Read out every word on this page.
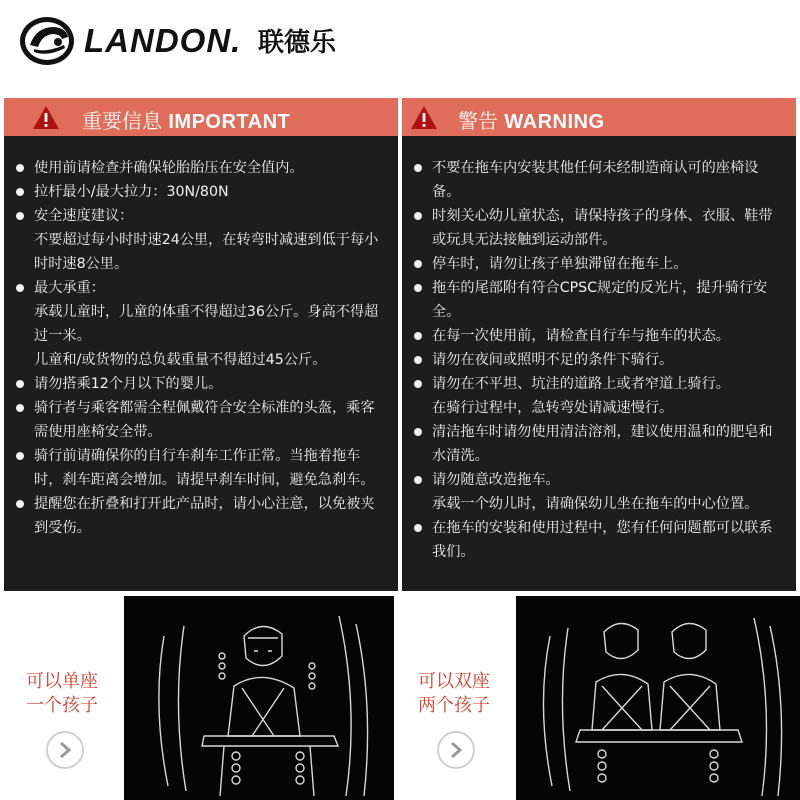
LANDON. 联德乐
重要信息 IMPORTANT
使用前请检查并确保轮胎胎压在安全值内。
拉杆最小/最大拉力：30N/80N
安全速度建议：
不要超过每小时时速24公里，在转弯时减速到低于每小时时速8公里。
最大承重：
承载儿童时，儿童的体重不得超过36公斤。身高不得超过一米。
儿童和/或货物的总负载重量不得超过45公斤。
请勿搭乘12个月以下的婴儿。
骑行者与乘客都需全程佩戴符合安全标准的头盔，乘客需使用座椅安全带。
骑行前请确保你的自行车刹车工作正常。当拖着拖车时，刹车距离会增加。请提早刹车时间，避免急刹车。
提醒您在折叠和打开此产品时，请小心注意，以免被夹到受伤。
警告 WARNING
不要在拖车内安装其他任何未经制造商认可的座椅设备。
时刻关心幼儿童状态，请保持孩子的身体、衣服、鞋带或玩具无法接触到运动部件。
停车时，请勿让孩子单独滞留在拖车上。
拖车的尾部附有符合CPSC规定的反光片，提升骑行安全。
在每一次使用前，请检查自行车与拖车的状态。
请勿在夜间或照明不足的条件下骑行。
请勿在不平坦、坑洼的道路上或者窄道上骑行。
在骑行过程中，急转弯处请减速慢行。
清洁拖车时请勿使用清洁溶剂，建议使用温和的肥皂和水清洗。
请勿随意改造拖车。
承载一个幼儿时，请确保幼儿坐在拖车的中心位置。
在拖车的安装和使用过程中，您有任何问题都可以联系我们。
可以单座
一个孩子
可以双座
两个孩子
